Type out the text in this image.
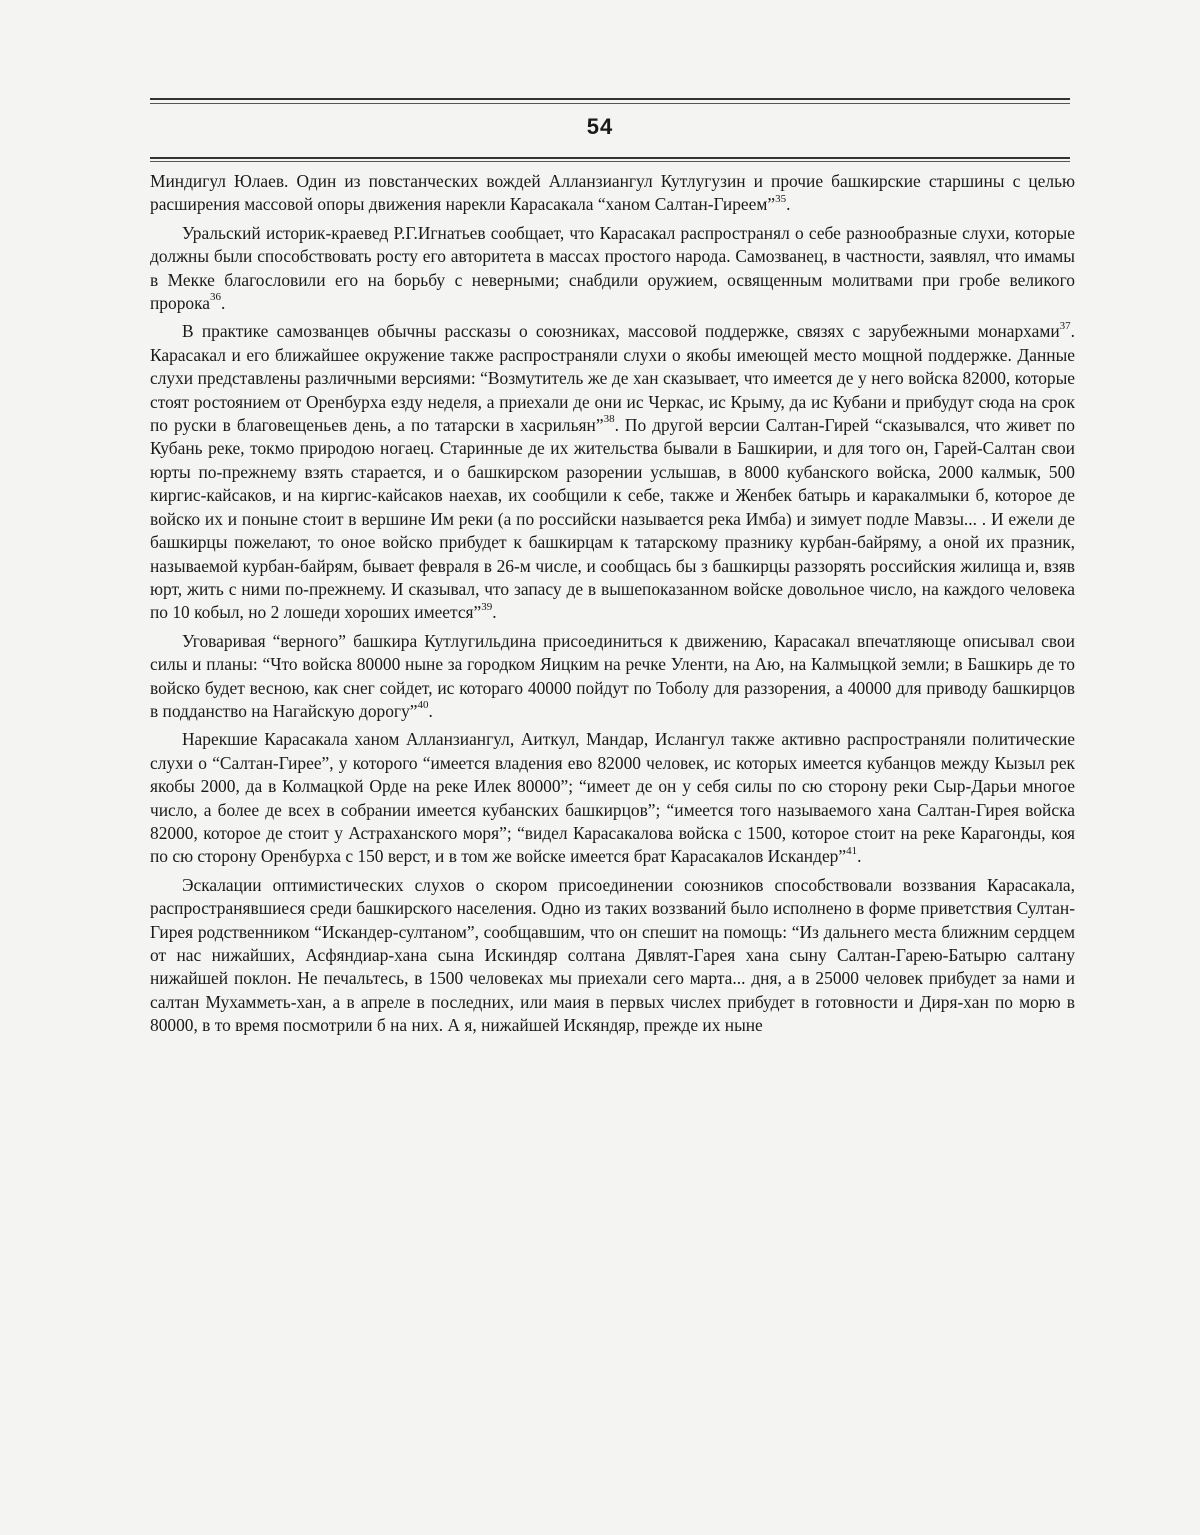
54

Миндигул Юлаев. Один из повстанческих вождей Алланзиангул Кутлугузин и прочие башкирские старшины с целью расширения массовой опоры движения нарекли Карасакала “ханом Салтан-Гиреем”$^{35}$.

Уральский историк-краевед Р.Г.Игнатьев сообщает, что Карасакал распространял о себе разнообразные слухи, которые должны были способствовать росту его авторитета в массах простого народа. Самозванец, в частности, заявлял, что имамы в Мекке благословили его на борьбу с неверными; снабдили оружием, освященным молитвами при гробе великого пророка$^{36}$.

В практике самозванцев обычны рассказы о союзниках, массовой поддержке, связях с зарубежными монархами$^{37}$. Карасакал и его ближайшее окружение также распространяли слухи о якобы имеющей место мощной поддержке. Данные слухи представлены различными версиями: “Возмутитель же де хан сказывает, что имеется де у него войска 82000, которые стоят ростоянием от Оренбурха езду неделя, а приехали де они ис Черкас, ис Крыму, да ис Кубани и прибудут сюда на срок по руски в благовещеньев день, а по татарски в хасрильян”$^{38}$. По другой версии Салтан-Гирей “сказывался, что живет по Кубань реке, токмо природою ногаец. Старинные де их жительства бывали в Башкирии, и для того он, Гарей-Салтан свои юрты по-прежнему взять старается, и о башкирском разорении услышав, в 8000 кубанского войска, 2000 калмык, 500 киргис-кайсаков, и на киргис-кайсаков наехав, их сообщили к себе, также и Женбек батырь и каракалмыки б, которое де войско их и поныне стоит в вершине Им реки (а по российски называется река Имба) и зимует подле Мавзы... . И ежели де башкирцы пожелают, то оное войско прибудет к башкирцам к татарскому празнику курбан-байряму, а оной их празник, называемой курбан-байрям, бывает февраля в 26-м числе, и сообщась бы з башкирцы раззорять российския жилища и, взяв юрт, жить с ними по-прежнему. И сказывал, что запасу де в вышепоказанном войске довольное число, на каждого человека по 10 кобыл, но 2 лошеди хороших имеется”$^{39}$.

Уговаривая “верного” башкира Кутлугильдина присоединиться к движению, Карасакал впечатляюще описывал свои силы и планы: “Что войска 80000 ныне за городком Яицким на речке Уленти, на Аю, на Калмыцкой земли; в Башкирь де то войско будет весною, как снег сойдет, ис котораго 40000 пойдут по Тоболу для раззорения, а 40000 для приводу башкирцов в подданство на Нагайскую дорогу”$^{40}$.

Нарекшие Карасакала ханом Алланзиангул, Аиткул, Мандар, Ислангул также активно распространяли политические слухи о “Салтан-Гирее”, у которого “имеется владения ево 82000 человек, ис которых имеется кубанцов между Кызыл рек якобы 2000, да в Колмацкой Орде на реке Илек 80000”; “имеет де он у себя силы по сю сторону реки Сыр-Дарьи многое число, а более де всех в собрании имеется кубанских башкирцов”; “имеется того называемого хана Салтан-Гирея войска 82000, которое де стоит у Астраханского моря”; “видел Карасакалова войска с 1500, которое стоит на реке Карагонды, коя по сю сторону Оренбурха с 150 верст, и в том же войске имеется брат Карасакалов Искандер”$^{41}$.

Эскалации оптимистических слухов о скором присоединении союзников способствовали воззвания Карасакала, распространявшиеся среди башкирского населения. Одно из таких воззваний было исполнено в форме приветствия Султан-Гирея родственником “Искандер-султаном”, сообщавшим, что он спешит на помощь: “Из дальнего места ближним сердцем от нас нижайших, Асфяндиар-хана сына Искиндяр солтана Дявлят-Гарея хана сыну Салтан-Гарею-Батырю салтану нижайшей поклон. Не печальтесь, в 1500 человеках мы приехали сего марта... дня, а в 25000 человек прибудет за нами и салтан Мухамметь-хан, а в апреле в последних, или маия в первых числех прибудет в готовности и Диря-хан по морю в 80000, в то время посмотрили б на них. А я, нижайшей Искяндяр, прежде их ныне
